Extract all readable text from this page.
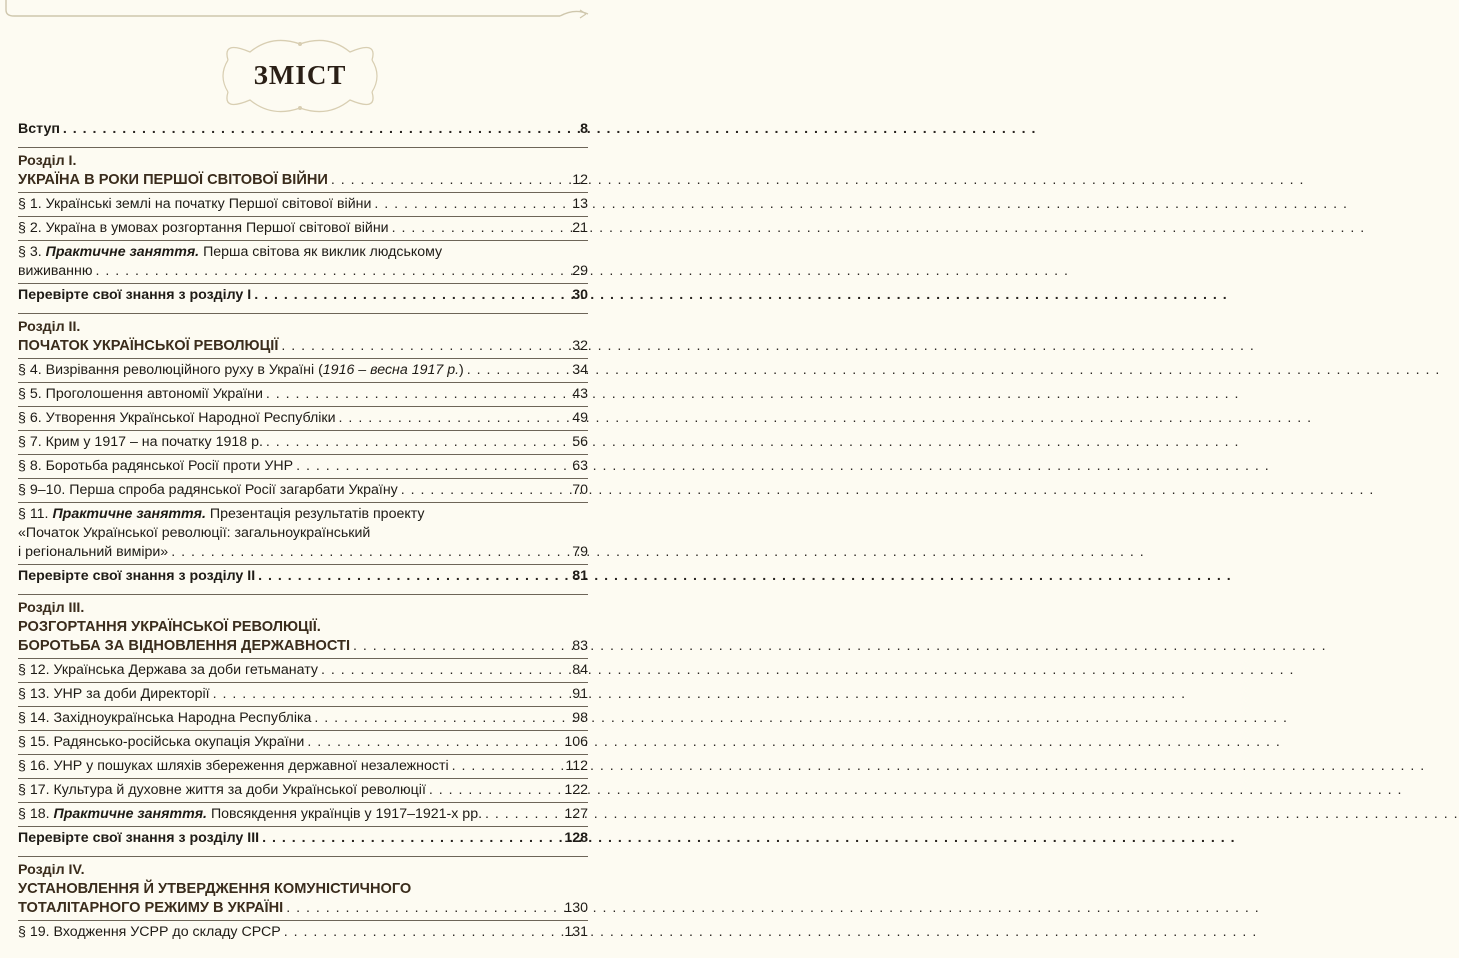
ЗМІСТ
Вступ . . .	8
Розділ І.
УКРАЇНА В РОКИ ПЕРШОЇ СВІТОВОЇ ВІЙНИ . . .	12
§ 1. Українські землі на початку Першої світової війни . . .	13
§ 2. Україна в умовах розгортання Першої світової війни . . .	21
§ 3. Практичне заняття. Перша світова як виклик людському
виживанню . . .	29
Перевірте свої знання з розділу І . . .	30
Розділ ІІ.
ПОЧАТОК УКРАЇНСЬКОЇ РЕВОЛЮЦІЇ . . .	32
§ 4. Визрівання революційного руху в Україні (1916 – весна 1917 р.) . . .	34
§ 5. Проголошення автономії України . . .	43
§ 6. Утворення Української Народної Республіки . . .	49
§ 7. Крим у 1917 – на початку 1918 р. . . .	56
§ 8. Боротьба радянської Росії проти УНР . . .	63
§ 9–10. Перша спроба радянської Росії загарбати Україну . . .	70
§ 11. Практичне заняття. Презентація результатів проекту
«Початок Української революції: загальноукраїнський
і регіональний виміри» . . .	79
Перевірте свої знання з розділу ІІ . . .	81
Розділ ІІІ.
РОЗГОРТАННЯ УКРАЇНСЬКОЇ РЕВОЛЮЦІЇ.
БОРОТЬБА ЗА ВІДНОВЛЕННЯ ДЕРЖАВНОСТІ . . .	83
§ 12. Українська Держава за доби гетьманату . . .	84
§ 13. УНР за доби Директорії . . .	91
§ 14. Західноукраїнська Народна Республіка . . .	98
§ 15. Радянсько-російська окупація України . . .	106
§ 16. УНР у пошуках шляхів збереження державної незалежності . . .	112
§ 17. Культура й духовне життя за доби Української революції . . .	122
§ 18. Практичне заняття. Повсякдення українців у 1917–1921-х рр. . . .	127
Перевірте свої знання з розділу ІІІ . . .	128
Розділ IV.
УСТАНОВЛЕННЯ Й УТВЕРДЖЕННЯ КОМУНІСТИЧНОГО
ТОТАЛІТАРНОГО РЕЖИМУ В УКРАЇНІ . . .	130
§ 19. Входження УСРР до складу СРСР . . .	131
